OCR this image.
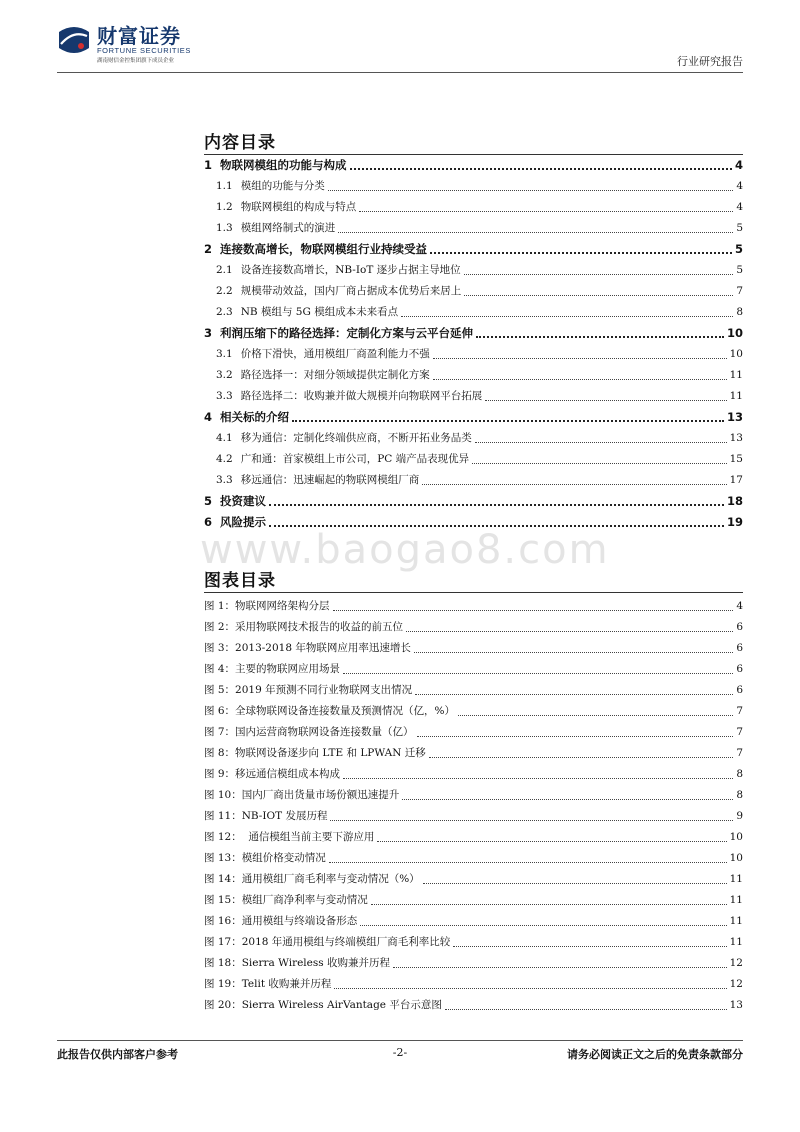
财富证券
FORTUNE SECURITIES
湖南财信金控集团旗下成员企业	行业研究报告
内容目录
1 物联网模组的功能与构成	4
1.1 模组的功能与分类	4
1.2 物联网模组的构成与特点	4
1.3 模组网络制式的演进	5
2 连接数高增长，物联网模组行业持续受益	5
2.1 设备连接数高增长，NB-IoT 逐步占据主导地位	5
2.2 规模带动效益，国内厂商占据成本优势后来居上	7
2.3 NB 模组与 5G 模组成本未来看点	8
3 利润压缩下的路径选择：定制化方案与云平台延伸	10
3.1 价格下滑快，通用模组厂商盈利能力不强	10
3.2 路径选择一：对细分领域提供定制化方案	11
3.3 路径选择二：收购兼并做大规模并向物联网平台拓展	11
4 相关标的介绍	13
4.1 移为通信：定制化终端供应商，不断开拓业务品类	13
4.2 广和通：首家模组上市公司，PC 端产品表现优异	15
3.3 移远通信：迅速崛起的物联网模组厂商	17
5 投资建议	18
6 风险提示	19
www.baogao8.com
图表目录
图 1： 物联网网络架构分层	4
图 2： 采用物联网技术报告的收益的前五位	6
图 3： 2013-2018 年物联网应用率迅速增长	6
图 4： 主要的物联网应用场景	6
图 5： 2019 年预测不同行业物联网支出情况	6
图 6： 全球物联网设备连接数量及预测情况（亿，%）	7
图 7： 国内运营商物联网设备连接数量（亿）	7
图 8： 物联网设备逐步向 LTE 和 LPWAN 迁移	7
图 9： 移远通信模组成本构成	8
图 10： 国内厂商出货量市场份额迅速提升	8
图 11： NB-IOT 发展历程	9
图 12： 通信模组当前主要下游应用	10
图 13： 模组价格变动情况	10
图 14： 通用模组厂商毛利率与变动情况（%）	11
图 15： 模组厂商净利率与变动情况	11
图 16： 通用模组与终端设备形态	11
图 17： 2018 年通用模组与终端模组厂商毛利率比较	11
图 18： Sierra Wireless 收购兼并历程	12
图 19： Telit 收购兼并历程	12
图 20： Sierra Wireless AirVantage 平台示意图	13
此报告仅供内部客户参考	-2-	请务必阅读正文之后的免责条款部分
